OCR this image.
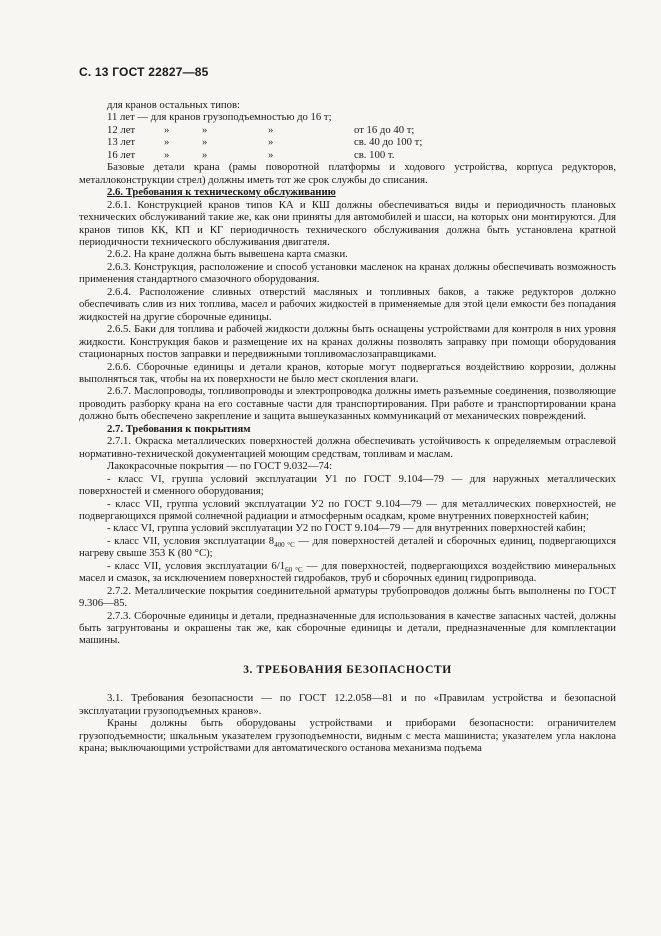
С. 13 ГОСТ 22827—85

для кранов остальных типов:

11 лет — для кранов грузоподъемностью до 16 т;

12 лет	»	»	»	от 16 до 40 т;
13 лет	»	»	»	св. 40 до 100 т;
16 лет	»	»	»	св. 100 т.

Базовые детали крана (рамы поворотной платформы и ходового устройства, корпуса редукторов, металлоконструкции стрел) должны иметь тот же срок службы до списания.

2.6. Требования к техническому обслуживанию

2.6.1. Конструкцией кранов типов КА и КШ должны обеспечиваться виды и периодичность плановых технических обслуживаний такие же, как они приняты для автомобилей и шасси, на которых они монтируются. Для кранов типов КК, КП и КГ периодичность технического обслуживания должна быть установлена кратной периодичности технического обслуживания двигателя.

2.6.2. На кране должна быть вывешена карта смазки.

2.6.3. Конструкция, расположение и способ установки масленок на кранах должны обеспечивать возможность применения стандартного смазочного оборудования.

2.6.4. Расположение сливных отверстий масляных и топливных баков, а также редукторов должно обеспечивать слив из них топлива, масел и рабочих жидкостей в применяемые для этой цели емкости без попадания жидкостей на другие сборочные единицы.

2.6.5. Баки для топлива и рабочей жидкости должны быть оснащены устройствами для контроля в них уровня жидкости. Конструкция баков и размещение их на кранах должны позволять заправку при помощи оборудования стационарных постов заправки и передвижными топливомаслозаправщиками.

2.6.6. Сборочные единицы и детали кранов, которые могут подвергаться воздействию коррозии, должны выполняться так, чтобы на их поверхности не было мест скопления влаги.

2.6.7. Маслопроводы, топливопроводы и электропроводка должны иметь разъемные соединения, позволяющие проводить разборку крана на его составные части для транспортирования. При работе и транспортировании крана должно быть обеспечено закрепление и защита вышеуказанных коммуникаций от механических повреждений.

2.7. Требования к покрытиям

2.7.1. Окраска металлических поверхностей должна обеспечивать устойчивость к определяемым отраслевой нормативно-технической документацией моющим средствам, топливам и маслам.

Лакокрасочные покрытия — по ГОСТ 9.032—74:

- класс VI, группа условий эксплуатации У1 по ГОСТ 9.104—79 — для наружных металлических поверхностей и сменного оборудования;

- класс VII, группа условий эксплуатации У2 по ГОСТ 9.104—79 — для металлических поверхностей, не подвергающихся прямой солнечной радиации и атмосферным осадкам, кроме внутренних поверхностей кабин;

- класс VI, группа условий эксплуатации У2 по ГОСТ 9.104—79 — для внутренних поверхностей кабин;

- класс VII, условия эксплуатации $8_{400 ^\circ С}$ — для поверхностей деталей и сборочных единиц, подвергающихся нагреву свыше 353 К (80 °С);

- класс VII, условия эксплуатации $6/1_{60 ^\circ С}$ — для поверхностей, подвергающихся воздействию минеральных масел и смазок, за исключением поверхностей гидробаков, труб и сборочных единиц гидропривода.

2.7.2. Металлические покрытия соединительной арматуры трубопроводов должны быть выполнены по ГОСТ 9.306—85.

2.7.3. Сборочные единицы и детали, предназначенные для использования в качестве запасных частей, должны быть загрунтованы и окрашены так же, как сборочные единицы и детали, предназначенные для комплектации машины.

3. ТРЕБОВАНИЯ БЕЗОПАСНОСТИ

3.1. Требования безопасности — по ГОСТ 12.2.058—81 и по «Правилам устройства и безопасной эксплуатации грузоподъемных кранов».

Краны должны быть оборудованы устройствами и приборами безопасности: ограничителем грузоподъемности; шкальным указателем грузоподъемности, видным с места машиниста; указателем угла наклона крана; выключающими устройствами для автоматического останова механизма подъема
